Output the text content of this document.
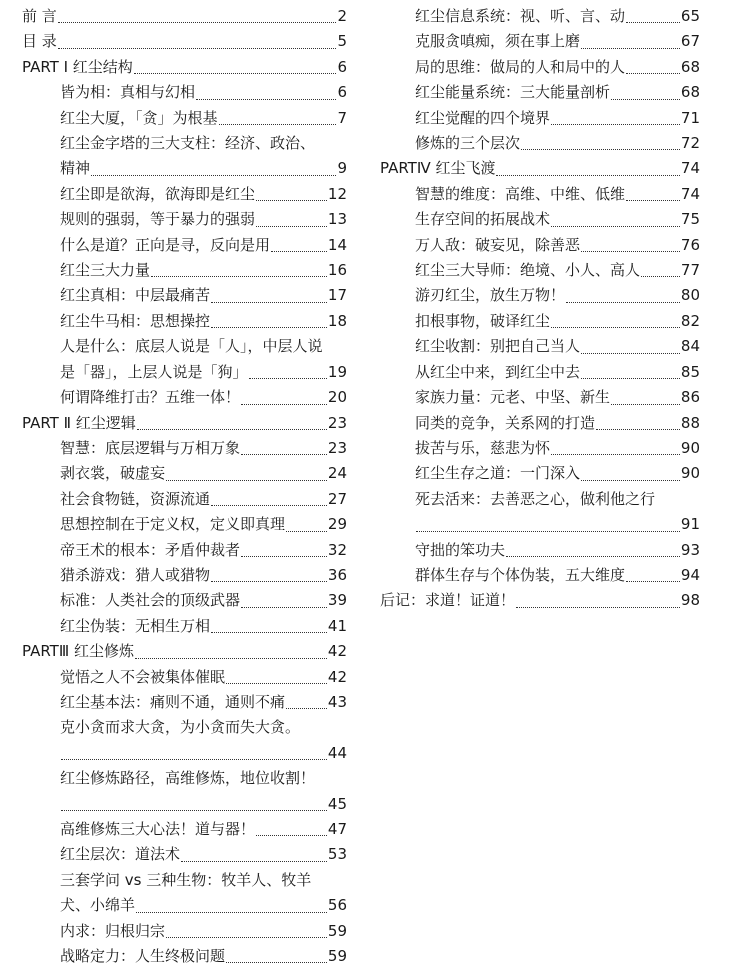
前 言	2
目 录	5
PART Ⅰ 红尘结构	6
皆为相：真相与幻相	6
红尘大厦，「贪」为根基	7
红尘金字塔的三大支柱：经济、政治、
精神	9
红尘即是欲海，欲海即是红尘	12
规则的强弱，等于暴力的强弱	13
什么是道？正向是寻，反向是用	14
红尘三大力量	16
红尘真相：中层最痛苦	17
红尘牛马相：思想操控	18
人是什么：底层人说是「人」，中层人说
是「器」，上层人说是「狗」	19
何谓降维打击？五维一体！	20
PART Ⅱ 红尘逻辑	23
智慧：底层逻辑与万相万象	23
剥衣裳，破虚妄	24
社会食物链，资源流通	27
思想控制在于定义权，定义即真理	29
帝王术的根本：矛盾仲裁者	32
猎杀游戏：猎人或猎物	36
标准：人类社会的顶级武器	39
红尘伪装：无相生万相	41
PARTⅢ 红尘修炼	42
觉悟之人不会被集体催眠	42
红尘基本法：痛则不通，通则不痛	43
克小贪而求大贪，为小贪而失大贪。
44
红尘修炼路径，高维修炼，地位收割！
45
高维修炼三大心法！道与器！	47
红尘层次：道法术	53
三套学问 vs 三种生物：牧羊人、牧羊
犬、小绵羊	56
内求：归根归宗	59
战略定力：人生终极问题	59
红尘信息系统：视、听、言、动	65
克服贪嗔痴，须在事上磨	67
局的思维：做局的人和局中的人	68
红尘能量系统：三大能量剖析	68
红尘觉醒的四个境界	71
修炼的三个层次	72
PARTⅣ 红尘飞渡	74
智慧的维度：高维、中维、低维	74
生存空间的拓展战术	75
万人敌：破妄见，除善恶	76
红尘三大导师：绝境、小人、高人	77
游刃红尘，放生万物！	80
扣根事物，破译红尘	82
红尘收割：别把自己当人	84
从红尘中来，到红尘中去	85
家族力量：元老、中坚、新生	86
同类的竞争，关系网的打造	88
拔苦与乐，慈悲为怀	90
红尘生存之道：一门深入	90
死去活来：去善恶之心，做利他之行
91
守拙的笨功夫	93
群体生存与个体伪装，五大维度	94
后记：求道！证道！	98
